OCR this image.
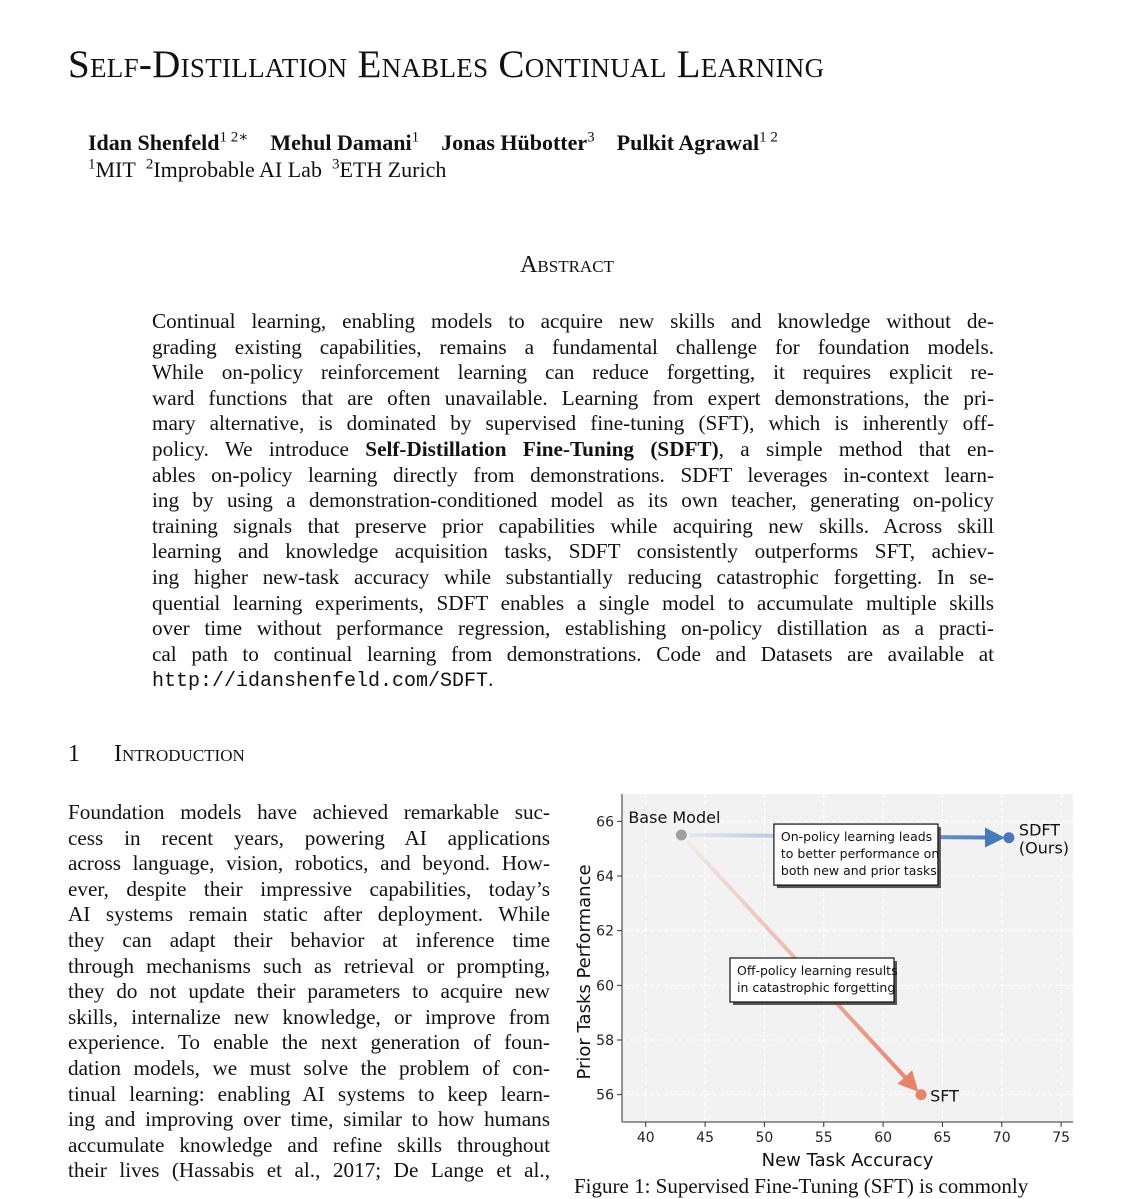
Self-Distillation Enables Continual Learning
Idan Shenfeld$^{1 2∗}$ Mehul Damani$^1$ Jonas Hübotter$^3$ Pulkit Agrawal$^{1 2}$
$^1$MIT $^2$Improbable AI Lab $^3$ETH Zurich
Abstract
Continual learning, enabling models to acquire new skills and knowledge without de-
grading existing capabilities, remains a fundamental challenge for foundation models.
While on-policy reinforcement learning can reduce forgetting, it requires explicit re-
ward functions that are often unavailable. Learning from expert demonstrations, the pri-
mary alternative, is dominated by supervised fine-tuning (SFT), which is inherently off-
policy. We introduce Self-Distillation Fine-Tuning (SDFT), a simple method that en-
ables on-policy learning directly from demonstrations. SDFT leverages in-context learn-
ing by using a demonstration-conditioned model as its own teacher, generating on-policy
training signals that preserve prior capabilities while acquiring new skills. Across skill
learning and knowledge acquisition tasks, SDFT consistently outperforms SFT, achiev-
ing higher new-task accuracy while substantially reducing catastrophic forgetting. In se-
quential learning experiments, SDFT enables a single model to accumulate multiple skills
over time without performance regression, establishing on-policy distillation as a practi-
cal path to continual learning from demonstrations. Code and Datasets are available at
http://idanshenfeld.com/SDFT.
1 Introduction
Foundation models have achieved remarkable suc-
cess in recent years, powering AI applications
across language, vision, robotics, and beyond. How-
ever, despite their impressive capabilities, today’s
AI systems remain static after deployment. While
they can adapt their behavior at inference time
through mechanisms such as retrieval or prompting,
they do not update their parameters to acquire new
skills, internalize new knowledge, or improve from
experience. To enable the next generation of foun-
dation models, we must solve the problem of con-
tinual learning: enabling AI systems to keep learn-
ing and improving over time, similar to how humans
accumulate knowledge and refine skills throughout
their lives (Hassabis et al., 2017; De Lange et al.,
40	45	50	55	60	65	70	75
56
58
60
62
64
66
New Task Accuracy
Prior Tasks Performance
Base Model
SDFT (Ours)
SFT
On-policy learning leads to better performance on both new and prior tasks
Off-policy learning results in catastrophic forgetting
Figure 1: Supervised Fine-Tuning (SFT) is commonly
